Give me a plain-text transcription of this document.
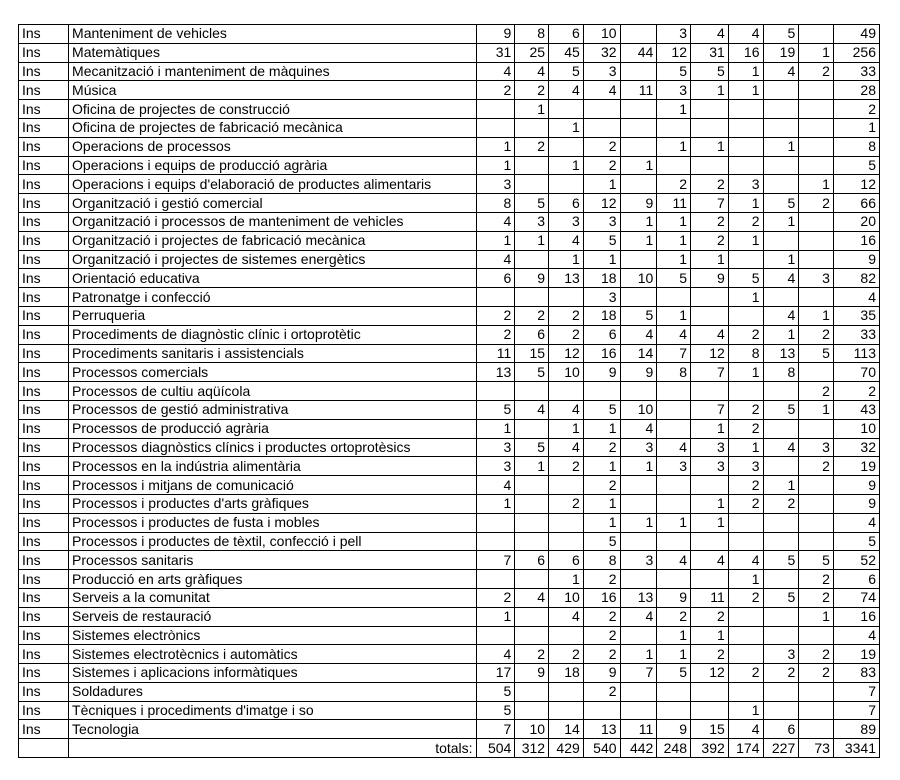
Ins	Manteniment de vehicles	9	8	6	10		3	4	4	5		49
Ins	Matemàtiques	31	25	45	32	44	12	31	16	19	1	256
Ins	Mecanització i manteniment de màquines	4	4	5	3		5	5	1	4	2	33
Ins	Música	2	2	4	4	11	3	1	1			28
Ins	Oficina de projectes de construcció		1				1					2
Ins	Oficina de projectes de fabricació mecànica			1								1
Ins	Operacions de processos	1	2		2		1	1		1		8
Ins	Operacions i equips de producció agrària	1		1	2	1						5
Ins	Operacions i equips d'elaboració de productes alimentaris	3			1		2	2	3		1	12
Ins	Organització i gestió comercial	8	5	6	12	9	11	7	1	5	2	66
Ins	Organització i processos de manteniment de vehicles	4	3	3	3	1	1	2	2	1		20
Ins	Organització i projectes de fabricació mecànica	1	1	4	5	1	1	2	1			16
Ins	Organització i projectes de sistemes energètics	4		1	1		1	1		1		9
Ins	Orientació educativa	6	9	13	18	10	5	9	5	4	3	82
Ins	Patronatge i confecció				3				1			4
Ins	Perruqueria	2	2	2	18	5	1			4	1	35
Ins	Procediments de diagnòstic clínic i ortoprotètic	2	6	2	6	4	4	4	2	1	2	33
Ins	Procediments sanitaris i assistencials	11	15	12	16	14	7	12	8	13	5	113
Ins	Processos comercials	13	5	10	9	9	8	7	1	8		70
Ins	Processos de cultiu aqüícola										2	2
Ins	Processos de gestió administrativa	5	4	4	5	10		7	2	5	1	43
Ins	Processos de producció agrària	1		1	1	4		1	2			10
Ins	Processos diagnòstics clínics i productes ortoprotèsics	3	5	4	2	3	4	3	1	4	3	32
Ins	Processos en la indústria alimentària	3	1	2	1	1	3	3	3		2	19
Ins	Processos i mitjans de comunicació	4			2				2	1		9
Ins	Processos i productes d'arts gràfiques	1		2	1			1	2	2		9
Ins	Processos i productes de fusta i mobles				1	1	1	1				4
Ins	Processos i productes de tèxtil, confecció i pell				5							5
Ins	Processos sanitaris	7	6	6	8	3	4	4	4	5	5	52
Ins	Producció en arts gràfiques			1	2				1		2	6
Ins	Serveis a la comunitat	2	4	10	16	13	9	11	2	5	2	74
Ins	Serveis de restauració	1		4	2	4	2	2			1	16
Ins	Sistemes electrònics				2		1	1				4
Ins	Sistemes electrotècnics i automàtics	4	2	2	2	1	1	2		3	2	19
Ins	Sistemes i aplicacions informàtiques	17	9	18	9	7	5	12	2	2	2	83
Ins	Soldadures	5			2							7
Ins	Tècniques i procediments d'imatge i so	5							1			7
Ins	Tecnologia	7	10	14	13	11	9	15	4	6		89
	totals:	504	312	429	540	442	248	392	174	227	73	3341
